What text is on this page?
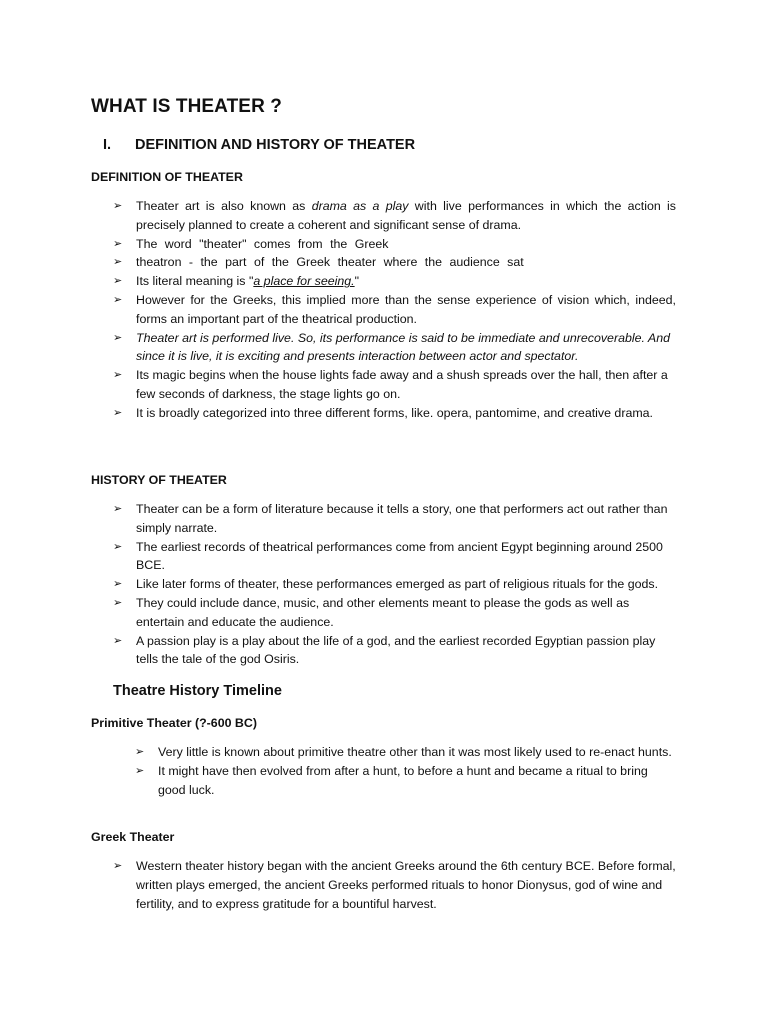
WHAT IS THEATER ?
I. DEFINITION AND HISTORY OF THEATER
DEFINITION OF THEATER
➢ Theater art is also known as drama as a play with live performances in which the action is precisely planned to create a coherent and significant sense of drama.
➢ The word "theater" comes from the Greek
➢ theatron - the part of the Greek theater where the audience sat
➢ Its literal meaning is "a place for seeing."
➢ However for the Greeks, this implied more than the sense experience of vision which, indeed, forms an important part of the theatrical production.
➢ Theater art is performed live. So, its performance is said to be immediate and unrecoverable. And since it is live, it is exciting and presents interaction between actor and spectator.
➢ Its magic begins when the house lights fade away and a shush spreads over the hall, then after a few seconds of darkness, the stage lights go on.
➢ It is broadly categorized into three different forms, like. opera, pantomime, and creative drama.
HISTORY OF THEATER
➢ Theater can be a form of literature because it tells a story, one that performers act out rather than simply narrate.
➢ The earliest records of theatrical performances come from ancient Egypt beginning around 2500 BCE.
➢ Like later forms of theater, these performances emerged as part of religious rituals for the gods.
➢ They could include dance, music, and other elements meant to please the gods as well as entertain and educate the audience.
➢ A passion play is a play about the life of a god, and the earliest recorded Egyptian passion play tells the tale of the god Osiris.
Theatre History Timeline
Primitive Theater (?-600 BC)
➢ Very little is known about primitive theatre other than it was most likely used to re-enact hunts.
➢ It might have then evolved from after a hunt, to before a hunt and became a ritual to bring good luck.
Greek Theater
➢ Western theater history began with the ancient Greeks around the 6th century BCE. Before formal, written plays emerged, the ancient Greeks performed rituals to honor Dionysus, god of wine and fertility, and to express gratitude for a bountiful harvest.
